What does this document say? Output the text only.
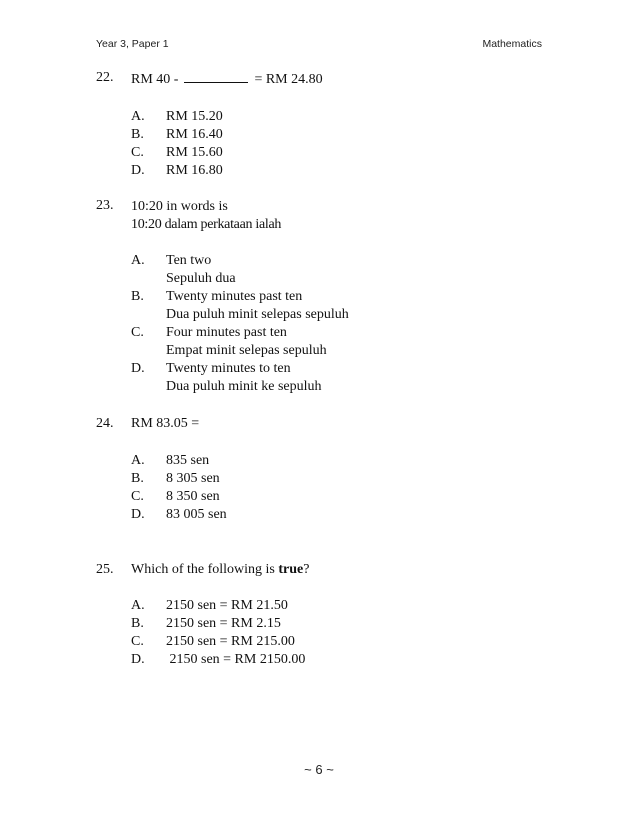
Year 3, Paper 1	Mathematics
22. RM 40 -	= RM 24.80
A. RM 15.20
B. RM 16.40
C. RM 15.60
D. RM 16.80
23. 10:20 in words is
10:20 dalam perkataan ialah
A. Ten two
Sepuluh dua
B. Twenty minutes past ten
Dua puluh minit selepas sepuluh
C. Four minutes past ten
Empat minit selepas sepuluh
D. Twenty minutes to ten
Dua puluh minit ke sepuluh
24. RM 83.05 =
A. 835 sen
B. 8 305 sen
C. 8 350 sen
D. 83 005 sen
25. Which of the following is true?
A. 2150 sen = RM 21.50
B. 2150 sen = RM 2.15
C. 2150 sen = RM 215.00
D. 2150 sen = RM 2150.00
~ 6 ~
